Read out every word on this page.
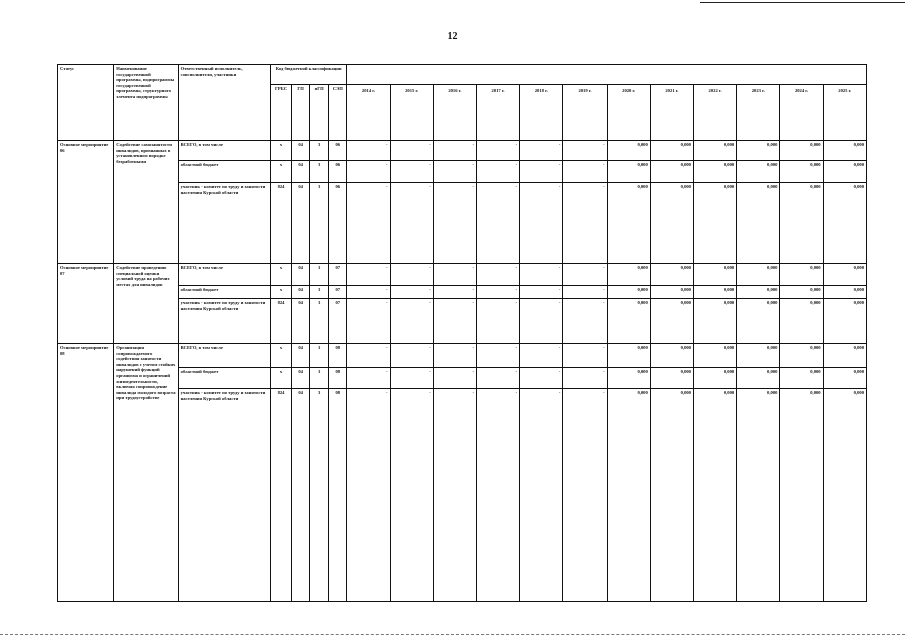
12
Статус	Наименование государственной программы, подпрограммы государственной программы, структурного элемента подпрограммы	Ответственный исполнитель, соисполнители, участники	Код бюджетной классификации															
			ГРБС	ГП	пГП	СЭП	2014 г.	2015 г.	2016 г.	2017 г.	2018 г.	2019 г.	2020 г.	2021 г.	2022 г.	2023 г.	2024 г.	2025 г.
Основное мероприятие 06	Содействие самозанятости инвалидов, признанных в установленном порядке безработными	ВСЕГО, в том числе	х	04	3	06	-	-	-	-	-	-	0,000	0,000	0,000	0,000	0,000	0,000
		областной бюджет	х	04	3	06	-	-	-	-	-	-	0,000	0,000	0,000	0,000	0,000	0,000
		участник - комитет по труду и занятости населения Курской области	824	04	3	06	-	-	-	-	-	-	0,000	0,000	0,000	0,000	0,000	0,000
Основное мероприятие 07	Содействие проведению специальной оценки условий труда на рабочих местах для инвалидов	ВСЕГО, в том числе	х	04	3	07	-	-	-	-	-	-	0,000	0,000	0,000	0,000	0,000	0,000
		областной бюджет	х	04	3	07	-	-	-	-	-	-	0,000	0,000	0,000	0,000	0,000	0,000
		участник - комитет по труду и занятости населения Курской области	824	04	3	07	-	-	-	-	-	-	0,000	0,000	0,000	0,000	0,000	0,000
Основное мероприятие 08	Организация сопровождаемого содействия занятости инвалидов с учетом стойких нарушений функций организма и ограничений жизнедеятельности, включая сопровождение инвалида молодого возраста при трудоустройстве	ВСЕГО, в том числе	х	04	3	08	-	-	-	-	-	-	0,000	0,000	0,000	0,000	0,000	0,000
		областной бюджет	х	04	3	08	-	-	-	-	-	-	0,000	0,000	0,000	0,000	0,000	0,000
		участник - комитет по труду и занятости населения Курской области	824	04	3	08	-	-	-	-	-	-	0,000	0,000	0,000	0,000	0,000	0,000
